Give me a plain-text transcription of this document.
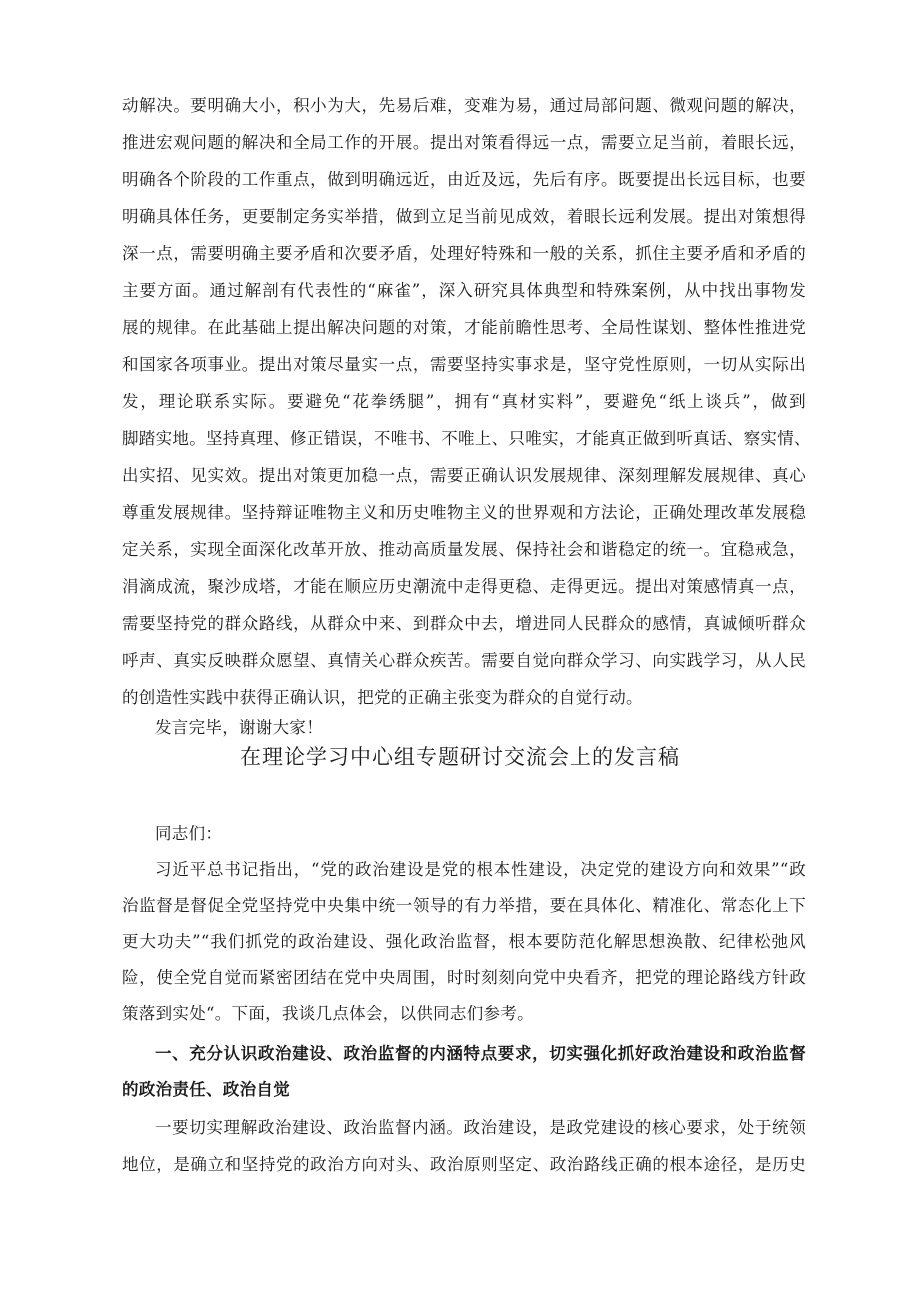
动解决。要明确大小，积小为大，先易后难，变难为易，通过局部问题、微观问题的解决，
推进宏观问题的解决和全局工作的开展。提出对策看得远一点，需要立足当前，着眼长远，
明确各个阶段的工作重点，做到明确远近，由近及远，先后有序。既要提出长远目标，也要
明确具体任务，更要制定务实举措，做到立足当前见成效，着眼长远利发展。提出对策想得
深一点，需要明确主要矛盾和次要矛盾，处理好特殊和一般的关系，抓住主要矛盾和矛盾的
主要方面。通过解剖有代表性的“麻雀”，深入研究具体典型和特殊案例，从中找出事物发
展的规律。在此基础上提出解决问题的对策，才能前瞻性思考、全局性谋划、整体性推进党
和国家各项事业。提出对策尽量实一点，需要坚持实事求是，坚守党性原则，一切从实际出
发，理论联系实际。要避免“花拳绣腿”，拥有“真材实料”，要避免“纸上谈兵”，做到
脚踏实地。坚持真理、修正错误，不唯书、不唯上、只唯实，才能真正做到听真话、察实情、
出实招、见实效。提出对策更加稳一点，需要正确认识发展规律、深刻理解发展规律、真心
尊重发展规律。坚持辩证唯物主义和历史唯物主义的世界观和方法论，正确处理改革发展稳
定关系，实现全面深化改革开放、推动高质量发展、保持社会和谐稳定的统一。宜稳戒急，
涓滴成流，聚沙成塔，才能在顺应历史潮流中走得更稳、走得更远。提出对策感情真一点，
需要坚持党的群众路线，从群众中来、到群众中去，增进同人民群众的感情，真诚倾听群众
呼声、真实反映群众愿望、真情关心群众疾苦。需要自觉向群众学习、向实践学习，从人民
的创造性实践中获得正确认识，把党的正确主张变为群众的自觉行动。
发言完毕，谢谢大家！
在理论学习中心组专题研讨交流会上的发言稿
同志们：
习近平总书记指出，“党的政治建设是党的根本性建设，决定党的建设方向和效果”“政
治监督是督促全党坚持党中央集中统一领导的有力举措，要在具体化、精准化、常态化上下
更大功夫”“我们抓党的政治建设、强化政治监督，根本要防范化解思想涣散、纪律松弛风
险，使全党自觉而紧密团结在党中央周围，时时刻刻向党中央看齐，把党的理论路线方针政
策落到实处“。下面，我谈几点体会，以供同志们参考。
一、充分认识政治建设、政治监督的内涵特点要求，切实强化抓好政治建设和政治监督
的政治责任、政治自觉
一要切实理解政治建设、政治监督内涵。政治建设，是政党建设的核心要求，处于统领
地位，是确立和坚持党的政治方向对头、政治原则坚定、政治路线正确的根本途径，是历史
